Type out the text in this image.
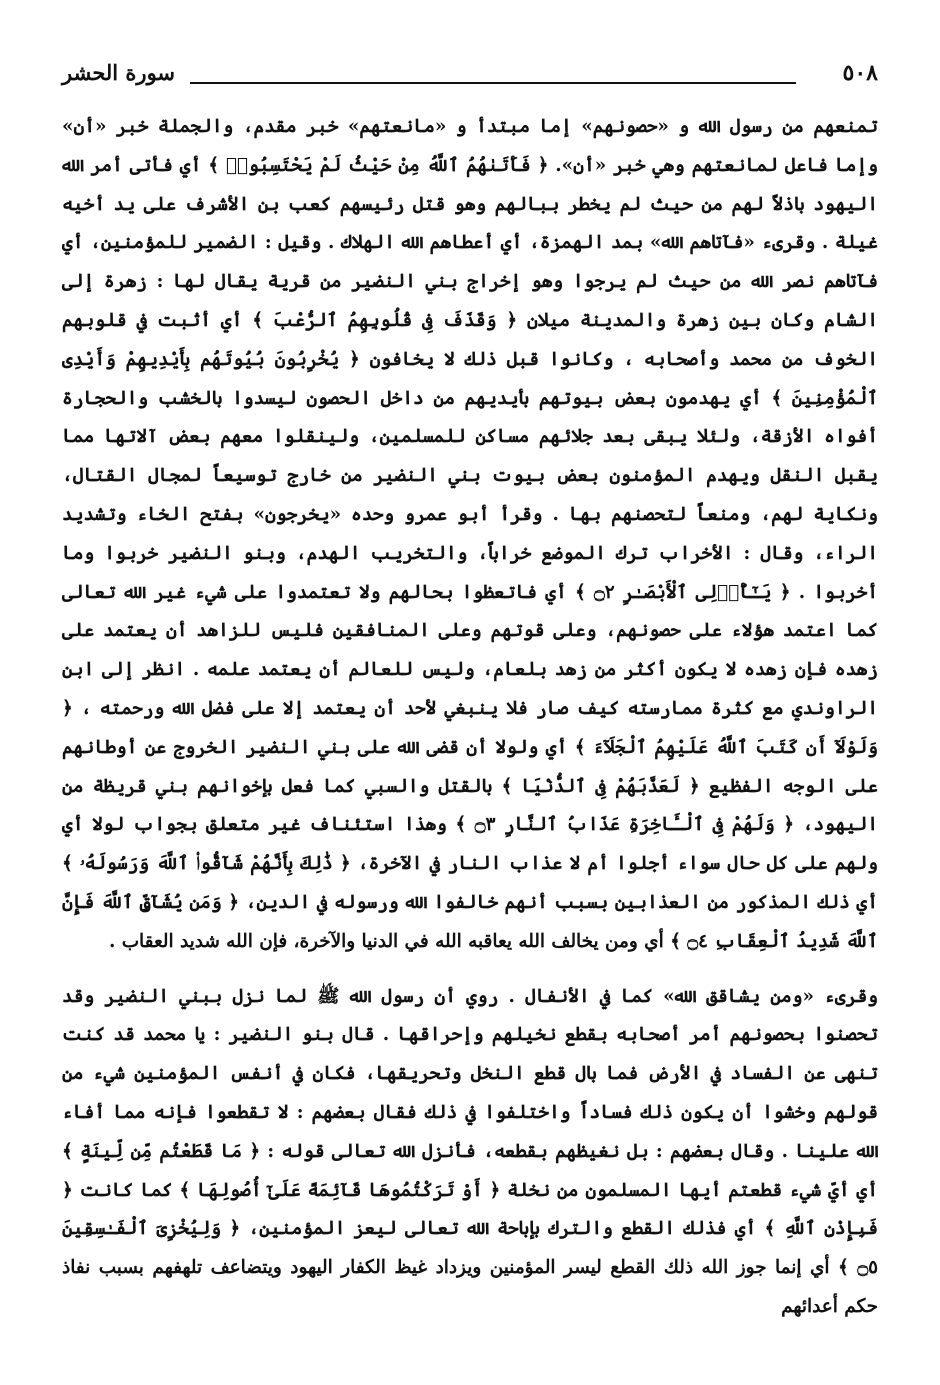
٥٠٨
سورة الحشر

تمنعهم من رسول الله و «حصونهم» إما مبتدأ و «مانعتهم» خبر مقدم، والجملة خبر «أن» وإما فاعل لمانعتهم وهي خبر «أن». ﴿ فَأَتَىٰهُمُ ٱللَّهُ مِنْ حَيْثُ لَمْ يَحْتَسِبُوا۟ ﴾ أي فأتى أمر الله اليهود باذلاً لهم من حيث لم يخطر ببالهم وهو قتل رئيسهم كعب بن الأشرف على يد أخيه غيلة . وقرىء «فآتاهم الله» بمد الهمزة، أي أعطاهم الله الهلاك . وقيل : الضمير للمؤمنين، أي فآتاهم نصر الله من حيث لم يرجوا وهو إخراج بني النضير من قرية يقال لها : زهرة إلى الشام وكان بين زهرة والمدينة ميلان ﴿ وَقَذَفَ فِى قُلُوبِهِمُ ٱلرُّعْبَ ﴾ أي أثبت في قلوبهم الخوف من محمد وأصحابه ، وكانوا قبل ذلك لا يخافون ﴿ يُخْرِبُونَ بُيُوتَهُم بِأَيْدِيهِمْ وَأَيْدِى ٱلْمُؤْمِنِينَ ﴾ أي يهدمون بعض بيوتهم بأيديهم من داخل الحصون ليسدوا بالخشب والحجارة أفواه الأزقة، ولئلا يبقى بعد جلائهم مساكن للمسلمين، ولينقلوا معهم بعض آلاتها مما يقبل النقل ويهدم المؤمنون بعض بيوت بني النضير من خارج توسيعاً لمجال القتال، ونكاية لهم، ومنعاً لتحصنهم بها . وقرأ أبو عمرو وحده «يخرجون» بفتح الخاء وتشديد الراء، وقال : الأخراب ترك الموضع خراباً، والتخريب الهدم، وبنو النضير خربوا وما أخربوا . ﴿ يَـٰٓأُو۟لِى ٱلْأَبْصَـٰرِ ۝٢ ﴾ أي فاتعظوا بحالهم ولا تعتمدوا على شيء غير الله تعالى كما اعتمد هؤلاء على حصونهم، وعلى قوتهم وعلى المنافقين فليس للزاهد أن يعتمد على زهده فإن زهده لا يكون أكثر من زهد بلعام، وليس للعالم أن يعتمد علمه . انظر إلى ابن الراوندي مع كثرة ممارسته كيف صار فلا ينبغي لأحد أن يعتمد إلا على فضل الله ورحمته ، ﴿ وَلَوْلَآ أَن كَتَبَ ٱللَّهُ عَلَيْهِمُ ٱلْجَلَآءَ ﴾ أي ولولا أن قضى الله على بني النضير الخروج عن أوطانهم على الوجه الفظيع ﴿ لَعَذَّبَهُمْ فِى ٱلدُّنْيَا ﴾ بالقتل والسبي كما فعل بإخوانهم بني قريظة من اليهود، ﴿ وَلَهُمْ فِى ٱلْـَٔاخِرَةِ عَذَابُ ٱلنَّارِ ۝٣ ﴾ وهذا استئناف غير متعلق بجواب لولا أي ولهم على كل حال سواء أجلوا أم لا عذاب النار في الآخرة، ﴿ ذَٰلِكَ بِأَنَّهُمْ شَآقُّوا۟ ٱللَّهَ وَرَسُولَهُۥ ﴾ أي ذلك المذكور من العذابين بسبب أنهم خالفوا الله ورسوله في الدين، ﴿ وَمَن يُشَآقِّ ٱللَّهَ فَإِنَّ ٱللَّهَ شَدِيدُ ٱلْعِقَابِ ۝٤ ﴾ أي ومن يخالف الله يعاقبه الله في الدنيا والآخرة، فإن الله شديد العقاب .

وقرىء «ومن يشاقق الله» كما في الأنفال . روي أن رسول الله ﷺ لما نزل ببني النضير وقد تحصنوا بحصونهم أمر أصحابه بقطع نخيلهم وإحراقها . قال بنو النضير : يا محمد قد كنت تنهى عن الفساد في الأرض فما بال قطع النخل وتحريقها، فكان في أنفس المؤمنين شيء من قولهم وخشوا أن يكون ذلك فساداً واختلفوا في ذلك فقال بعضهم : لا تقطعوا فإنه مما أفاء الله علينا . وقال بعضهم : بل نغيظهم بقطعه، فأنزل الله تعالى قوله : ﴿ مَا قَطَعْتُم مِّن لِّينَةٍ ﴾ أي أيّ شيء قطعتم أيها المسلمون من نخلة ﴿ أَوْ تَرَكْتُمُوهَا قَآئِمَةً عَلَىٰٓ أُصُولِهَا ﴾ كما كانت ﴿ فَبِإِذْنِ ٱللَّهِ ﴾ أي فذلك القطع والترك بإباحة الله تعالى ليعز المؤمنين، ﴿ وَلِيُخْزِىَ ٱلْفَـٰسِقِينَ ۝٥ ﴾ أي إنما جوز الله ذلك القطع ليسر المؤمنين ويزداد غيظ الكفار اليهود ويتضاعف تلهفهم بسبب نفاذ حكم أعدائهم
